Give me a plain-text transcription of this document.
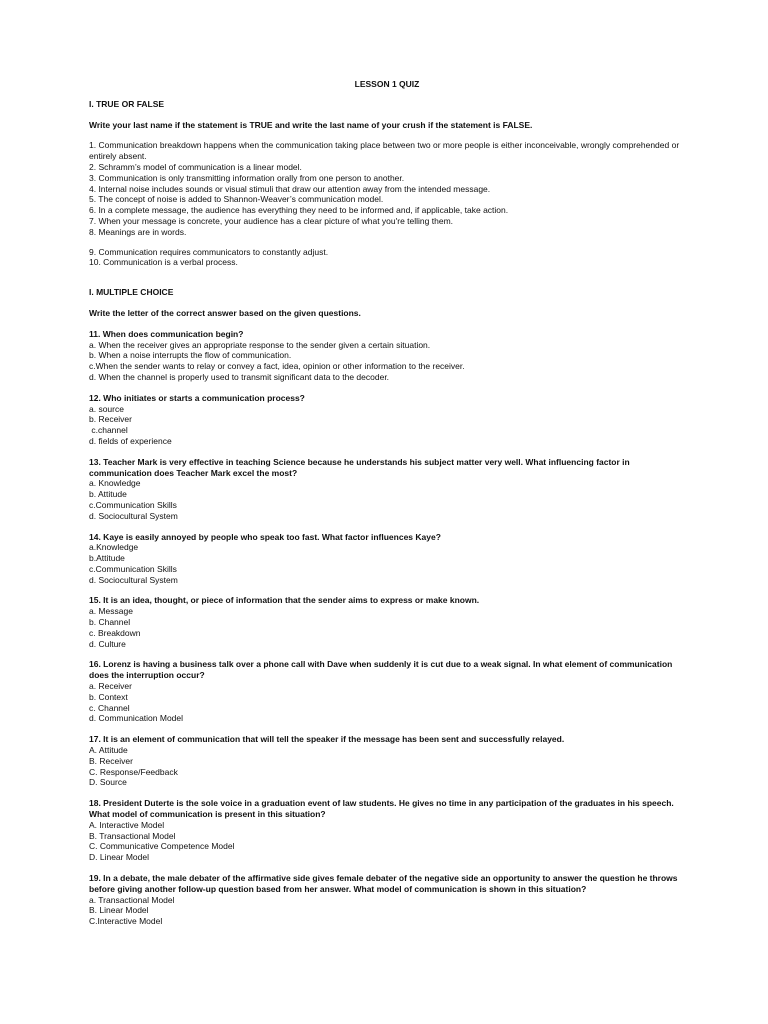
LESSON 1 QUIZ

I. TRUE OR FALSE

Write your last name if the statement is TRUE and write the last name of your crush if the statement is FALSE.

1. Communication breakdown happens when the communication taking place between two or more people is either inconceivable, wrongly comprehended or entirely absent.

2. Schramm’s model of communication is a linear model.

3. Communication is only transmitting information orally from one person to another.

4. Internal noise includes sounds or visual stimuli that draw our attention away from the intended message.

5. The concept of noise is added to Shannon-Weaver’s communication model.

6. In a complete message, the audience has everything they need to be informed and, if applicable, take action.

7. When your message is concrete, your audience has a clear picture of what you're telling them.

8. Meanings are in words.

9. Communication requires communicators to constantly adjust.

10. Communication is a verbal process.

I. MULTIPLE CHOICE

Write the letter of the correct answer based on the given questions.

11. When does communication begin?

a. When the receiver gives an appropriate response to the sender given a certain situation.

b. When a noise interrupts the flow of communication.

c.When the sender wants to relay or convey a fact, idea, opinion or other information to the receiver.

d. When the channel is properly used to transmit significant data to the decoder.

12. Who initiates or starts a communication process?

a. source

b. Receiver

c.channel

d. fields of experience

13. Teacher Mark is very effective in teaching Science because he understands his subject matter very well. What influencing factor in communication does Teacher Mark excel the most?

a. Knowledge

b. Attitude

c.Communication Skills

d. Sociocultural System

14. Kaye is easily annoyed by people who speak too fast. What factor influences Kaye?

a.Knowledge

b.Attitude

c.Communication Skills

d. Sociocultural System

15. It is an idea, thought, or piece of information that the sender aims to express or make known.

a. Message

b. Channel

c. Breakdown

d. Culture

16. Lorenz is having a business talk over a phone call with Dave when suddenly it is cut due to a weak signal. In what element of communication does the interruption occur?

a. Receiver

b. Context

c. Channel

d. Communication Model

17. It is an element of communication that will tell the speaker if the message has been sent and successfully relayed.

A. Attitude

B. Receiver

C. Response/Feedback

D. Source

18. President Duterte is the sole voice in a graduation event of law students. He gives no time in any participation of the graduates in his speech. What model of communication is present in this situation?

A. Interactive Model

B. Transactional Model

C. Communicative Competence Model

D. Linear Model

19. In a debate, the male debater of the affirmative side gives female debater of the negative side an opportunity to answer the question he throws before giving another follow-up question based from her answer. What model of communication is shown in this situation?

a. Transactional Model

B. Linear Model

C.Interactive Model
